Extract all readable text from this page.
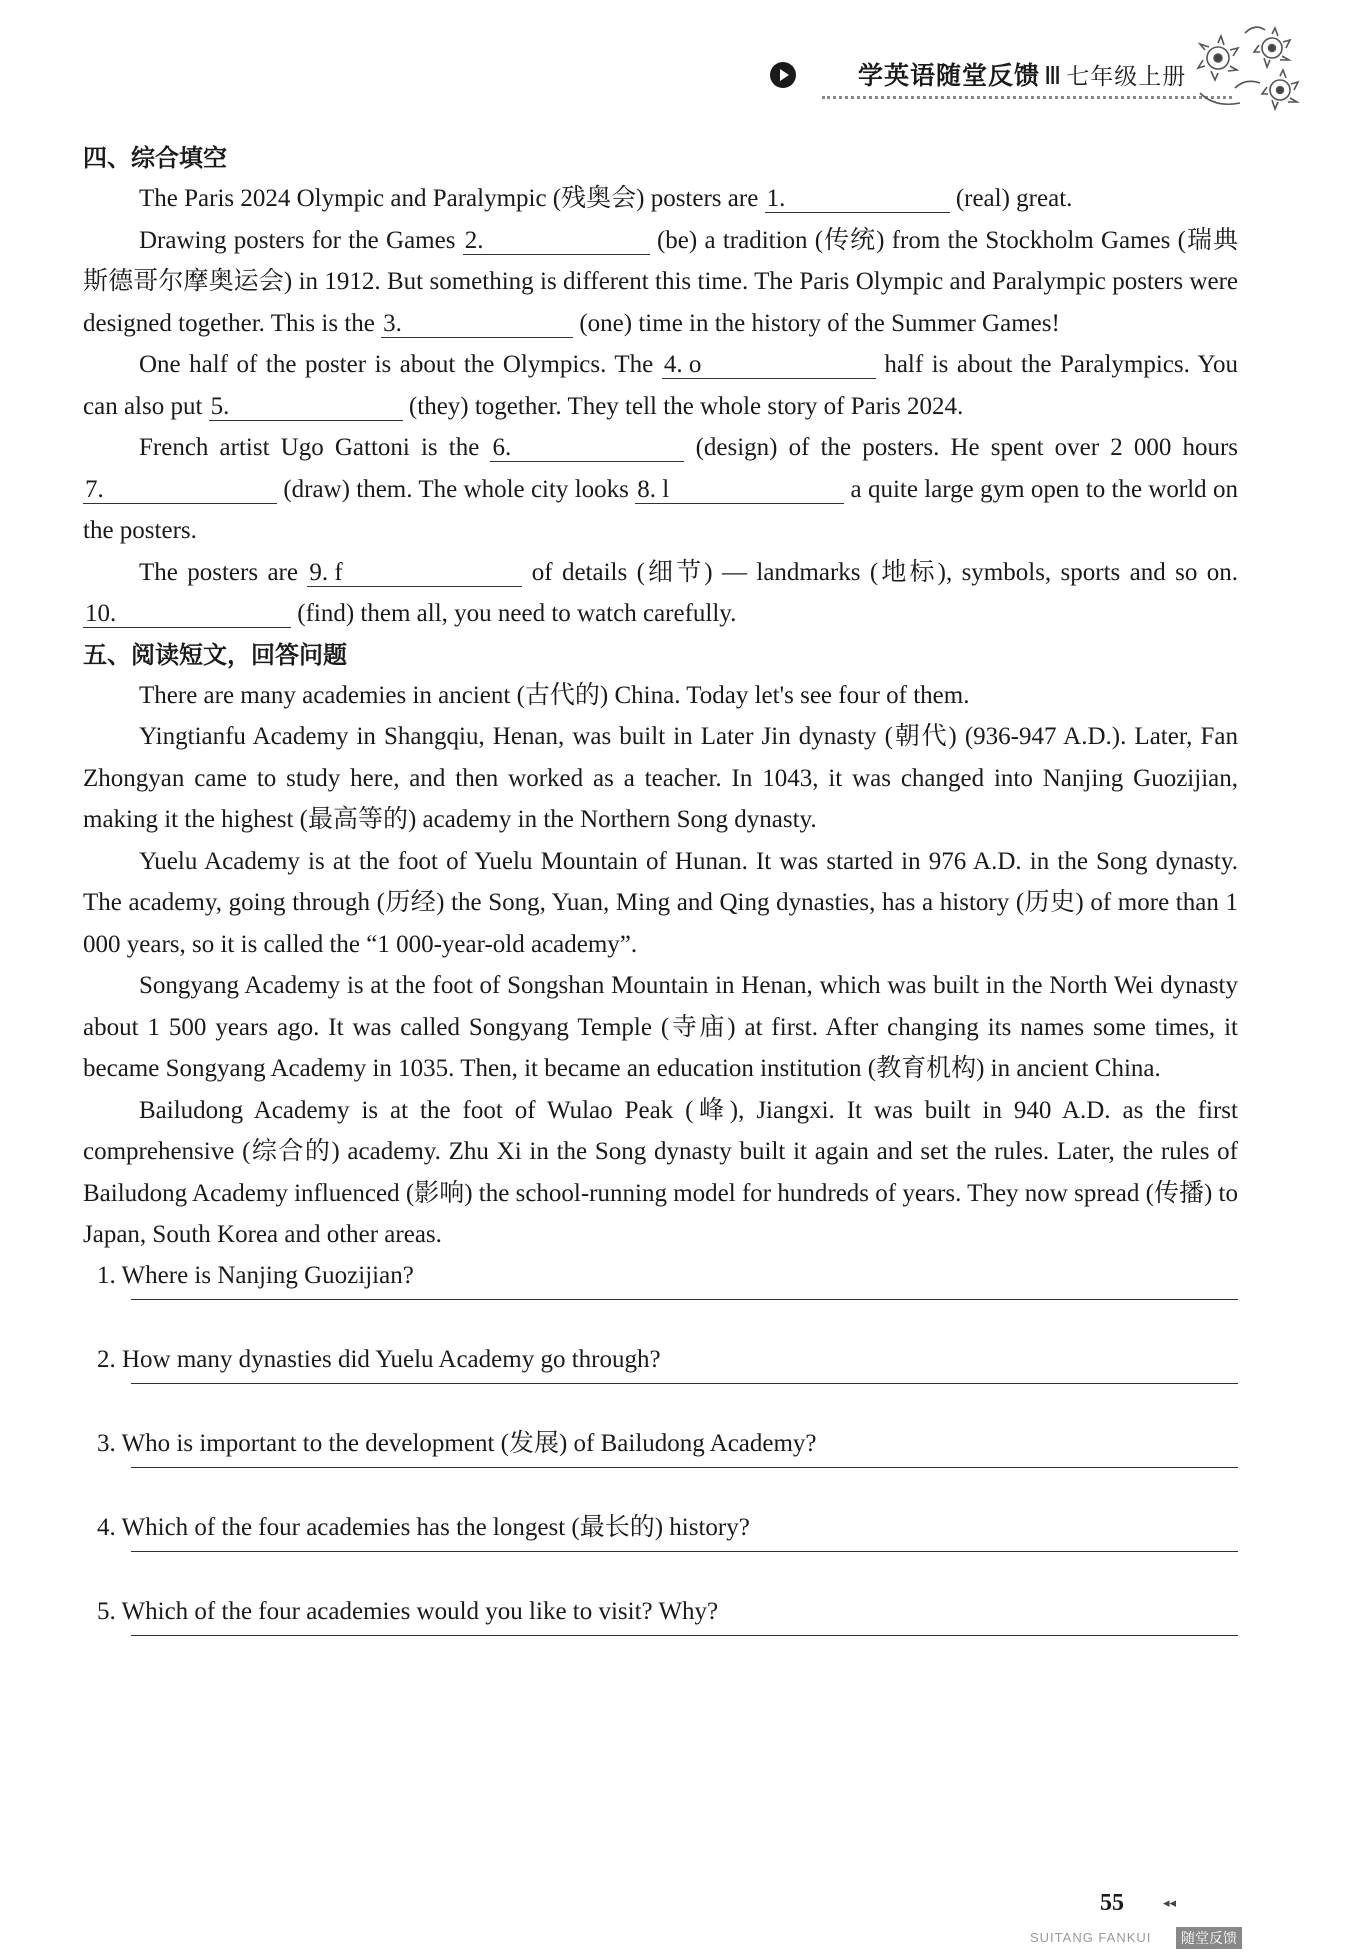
学英语随堂反馈 Ⅲ 七年级上册
四、综合填空

The Paris 2024 Olympic and Paralympic (残奥会) posters are 1.	(real) great.

Drawing posters for the Games 2.	(be) a tradition (传统) from the Stockholm Games (瑞典斯德哥尔摩奥运会) in 1912. But something is different this time. The Paris Olympic and Paralympic posters were designed together. This is the 3.	(one) time in the history of the Summer Games!

One half of the poster is about the Olympics. The 4. o	half is about the Paralympics. You can also put 5.	(they) together. They tell the whole story of Paris 2024.

French artist Ugo Gattoni is the 6.	(design) of the posters. He spent over 2 000 hours 7.	(draw) them. The whole city looks 8. l	a quite large gym open to the world on the posters.

The posters are 9. f	of details (细节) — landmarks (地标), symbols, sports and so on. 10.	(find) them all, you need to watch carefully.

五、阅读短文，回答问题

There are many academies in ancient (古代的) China. Today let's see four of them.

Yingtianfu Academy in Shangqiu, Henan, was built in Later Jin dynasty (朝代) (936-947 A.D.). Later, Fan Zhongyan came to study here, and then worked as a teacher. In 1043, it was changed into Nanjing Guozijian, making it the highest (最高等的) academy in the Northern Song dynasty.

Yuelu Academy is at the foot of Yuelu Mountain of Hunan. It was started in 976 A.D. in the Song dynasty. The academy, going through (历经) the Song, Yuan, Ming and Qing dynasties, has a history (历史) of more than 1 000 years, so it is called the “1 000-year-old academy”.

Songyang Academy is at the foot of Songshan Mountain in Henan, which was built in the North Wei dynasty about 1 500 years ago. It was called Songyang Temple (寺庙) at first. After changing its names some times, it became Songyang Academy in 1035. Then, it became an education institution (教育机构) in ancient China.

Bailudong Academy is at the foot of Wulao Peak (峰), Jiangxi. It was built in 940 A.D. as the first comprehensive (综合的) academy. Zhu Xi in the Song dynasty built it again and set the rules. Later, the rules of Bailudong Academy influenced (影响) the school-running model for hundreds of years. They now spread (传播) to Japan, South Korea and other areas.

1. Where is Nanjing Guozijian?

2. How many dynasties did Yuelu Academy go through?

3. Who is important to the development (发展) of Bailudong Academy?

4. Which of the four academies has the longest (最长的) history?

5. Which of the four academies would you like to visit? Why?

55	◂◂
SUITANG FANKUI	随堂反馈
